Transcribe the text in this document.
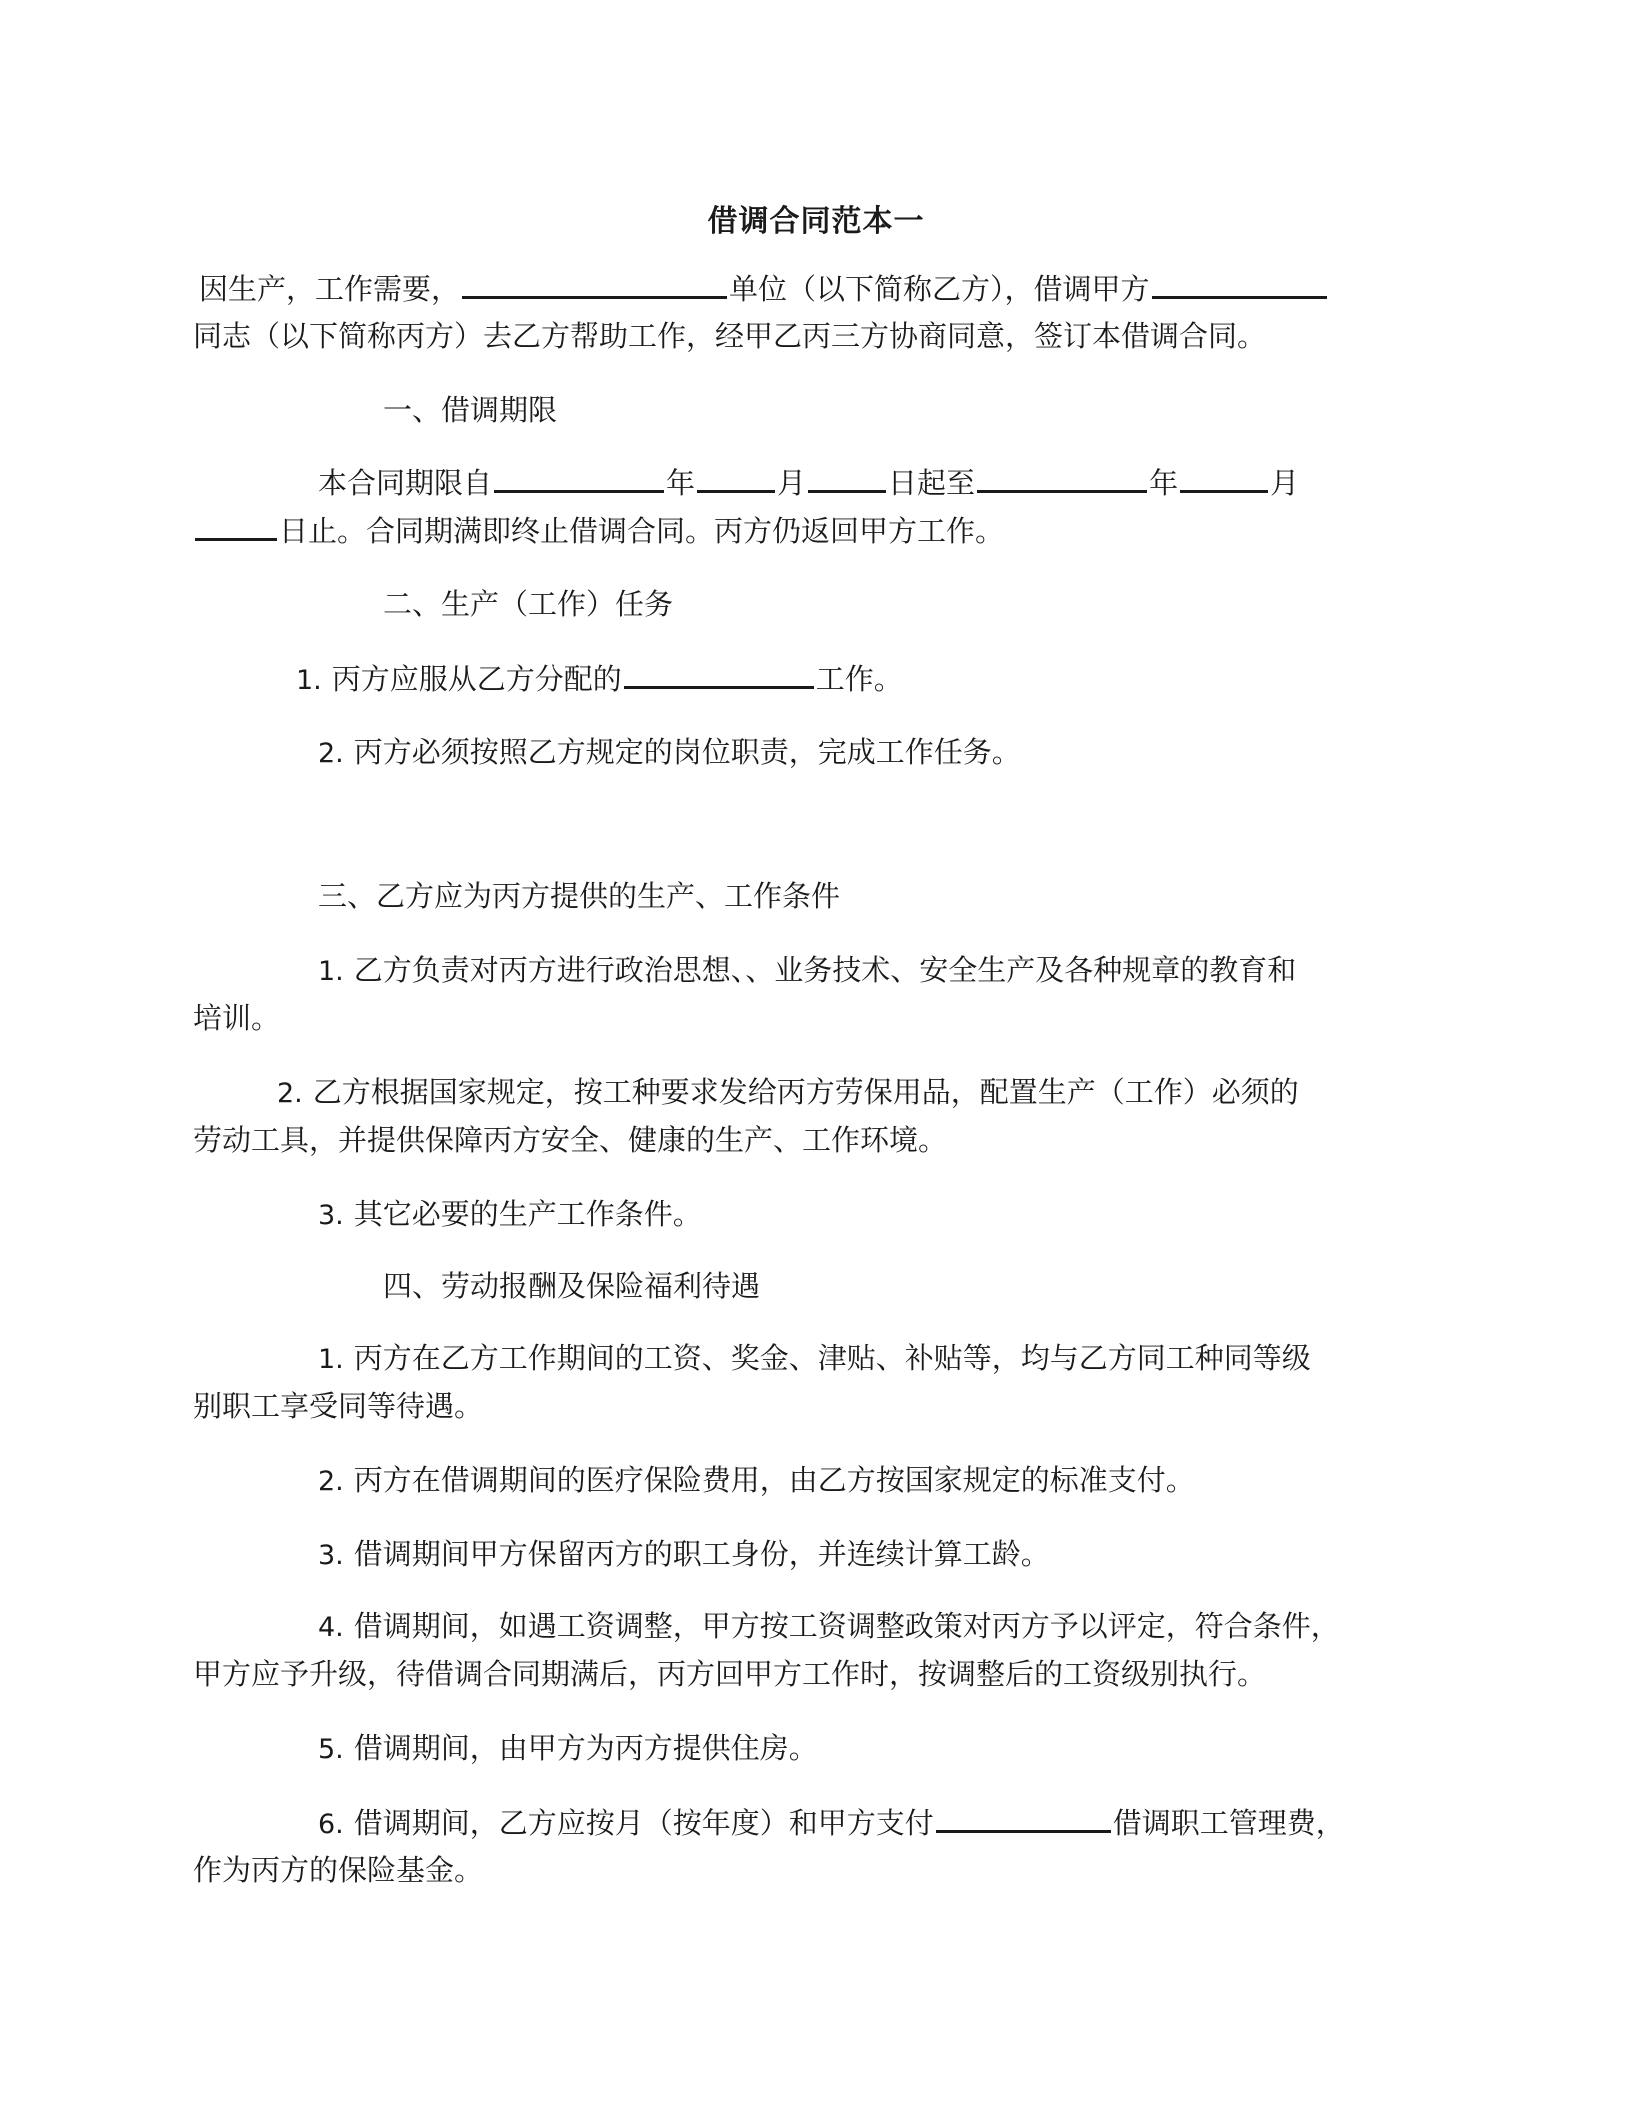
借调合同范本一
因生产，工作需要，	单位（以下简称乙方），借调甲方
同志（以下简称丙方）去乙方帮助工作，经甲乙丙三方协商同意，签订本借调合同。
一、借调期限
本合同期限自	年	月	日起至	年	月
日止。合同期满即终止借调合同。丙方仍返回甲方工作。
二、生产（工作）任务
1. 丙方应服从乙方分配的	工作。
2. 丙方必须按照乙方规定的岗位职责，完成工作任务。
三、乙方应为丙方提供的生产、工作条件
1. 乙方负责对丙方进行政治思想、、业务技术、安全生产及各种规章的教育和
培训。
2. 乙方根据国家规定，按工种要求发给丙方劳保用品，配置生产（工作）必须的
劳动工具，并提供保障丙方安全、健康的生产、工作环境。
3. 其它必要的生产工作条件。
四、劳动报酬及保险福利待遇
1. 丙方在乙方工作期间的工资、奖金、津贴、补贴等，均与乙方同工种同等级
别职工享受同等待遇。
2. 丙方在借调期间的医疗保险费用，由乙方按国家规定的标准支付。
3. 借调期间甲方保留丙方的职工身份，并连续计算工龄。
4. 借调期间，如遇工资调整，甲方按工资调整政策对丙方予以评定，符合条件，
甲方应予升级，待借调合同期满后，丙方回甲方工作时，按调整后的工资级别执行。
5. 借调期间，由甲方为丙方提供住房。
6. 借调期间，乙方应按月（按年度）和甲方支付	借调职工管理费，
作为丙方的保险基金。
